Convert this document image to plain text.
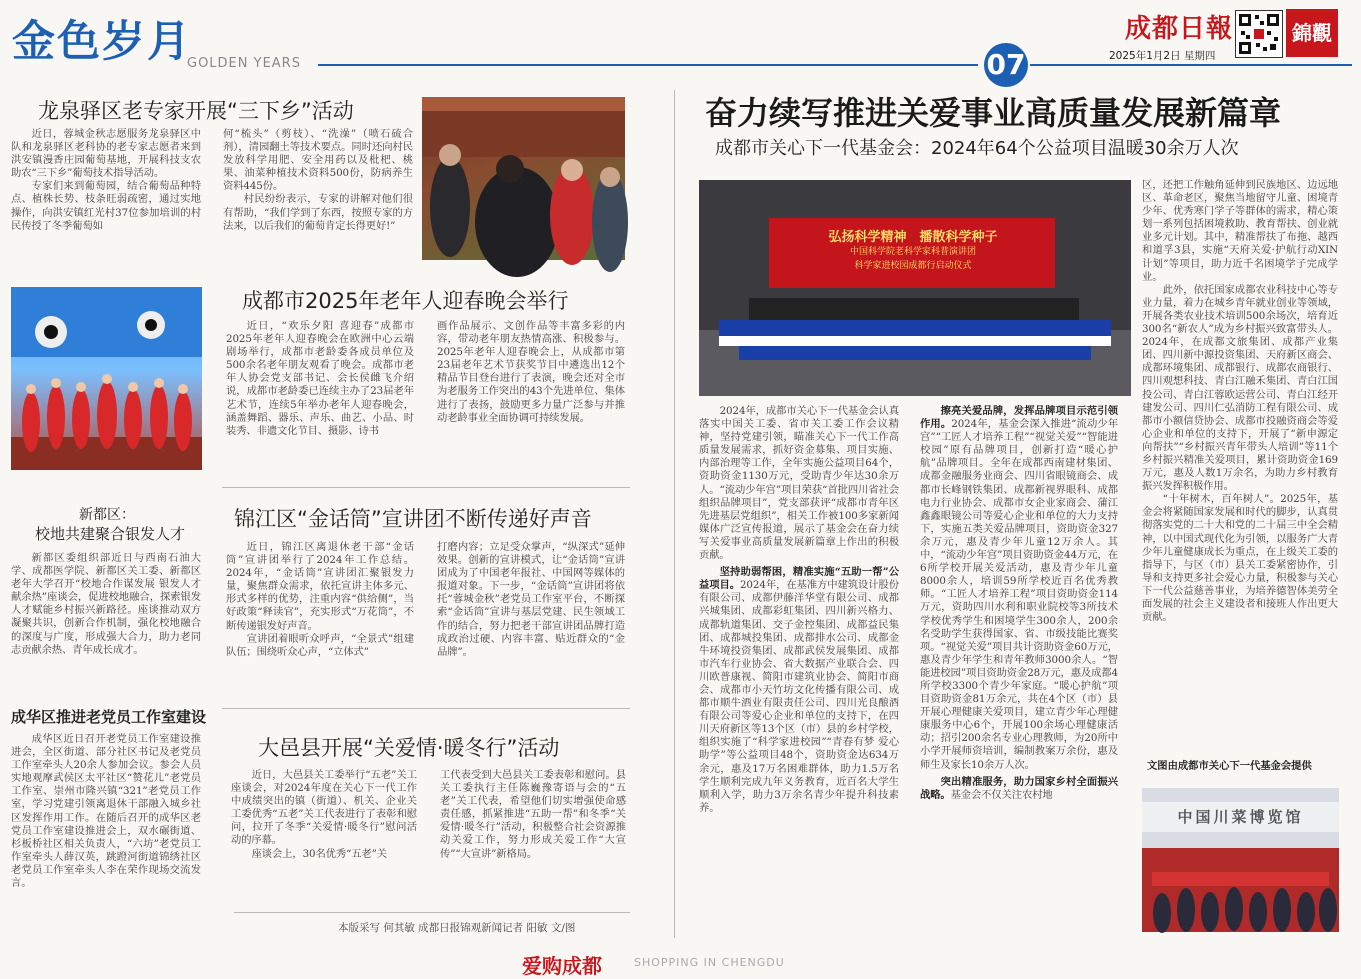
金色岁月
GOLDEN YEARS	07
成都日報
2025年1月2日 星期四
錦觀
龙泉驿区老专家开展“三下乡”活动

近日，蓉城金秋志愿服务龙泉驿区中队和龙泉驿区老科协的老专家志愿者来到洪安镇漫香庄园葡萄基地，开展科技支农助农“三下乡”葡萄技术指导活动。

专家们来到葡萄园，结合葡萄品种特点、植株长势、枝条旺弱疏密，通过实地操作，向洪安镇红光村37位参加培训的村民传授了冬季葡萄如

何“梳头”（剪枝）、“洗澡”（喷石硫合剂），清园翻土等技术要点。同时还向村民发放科学用肥、安全用药以及枇杷、桃果、油菜种植技术资料500份，防病养生资料445份。

村民纷纷表示，专家的讲解对他们很有帮助，“我们学到了东西，按照专家的方法来，以后我们的葡萄肯定长得更好!”

成都市2025年老年人迎春晚会举行

近日，“欢乐夕阳 喜迎春”成都市2025年老年人迎春晚会在欧洲中心云端剧场举行，成都市老龄委各成员单位及500余名老年朋友观看了晚会。成都市老年人协会党支部书记、会长侯雌飞介绍说，成都市老龄委已连续主办了23届老年艺术节，连续5年举办老年人迎春晚会，涵盖舞蹈、器乐、声乐、曲艺、小品、时装秀、非遗文化节目、摄影、诗书

画作品展示、文创作品等丰富多彩的内容，带动老年朋友热情高涨、积极参与。2025年老年人迎春晚会上，从成都市第23届老年艺术节获奖节目中遴选出12个精品节目登台进行了表演，晚会还对全市为老服务工作突出的43个先进单位、集体进行了表扬，鼓励更多力量广泛参与并推动老龄事业全面协调可持续发展。

新都区：
校地共建聚合银发人才

新都区委组织部近日与西南石油大学、成都医学院、新都区关工委、新都区老年大学召开“校地合作谋发展 银发人才献余热”座谈会，促进校地融合，探索银发人才赋能乡村振兴新路径。座谈推动双方凝聚共识，创新合作机制，强化校地融合的深度与广度，形成强大合力，助力老同志贡献余热、青年成长成才。

锦江区“金话筒”宣讲团不断传递好声音

近日，锦江区离退休老干部“金话筒”宣讲团举行了2024年工作总结。2024年，“金话筒”宣讲团汇聚银发力量，聚焦群众需求，依托宣讲主体多元、形式多样的优势，注重内容“供给侧”，当好政策“释读官”，充实形式“万花筒”，不断传递银发好声音。

宣讲团着眼听众呼声，“全景式”组建队伍；围绕听众心声，“立体式”

打磨内容；立足受众掌声，“纵深式”延伸效果。创新的宣讲模式，让“金话筒”宣讲团成为了中国老年报社、中国网等媒体的报道对象。下一步，“金话筒”宣讲团将依托“蓉城金秋”老党员工作室平台，不断探索“金话筒”宣讲与基层党建、民生领域工作的结合，努力把老干部宣讲团品牌打造成政治过硬、内容丰富、贴近群众的“金品牌”。

成华区推进老党员工作室建设

成华区近日召开老党员工作室建设推进会，全区街道、部分社区书记及老党员工作室牵头人20余人参加会议。参会人员实地观摩武侯区太平社区“赞花儿”老党员工作室、崇州市隆兴镇“321”老党员工作室，学习党建引领离退休干部融入城乡社区发挥作用工作。在随后召开的成华区老党员工作室建设推进会上，双水碾街道、杉板桥社区相关负责人，“六坊”老党员工作室牵头人薛汉英，跳蹬河街道锦绣社区老党员工作室牵头人李在荣作现场交流发言。

大邑县开展“关爱情·暖冬行”活动

近日，大邑县关工委举行“五老”关工座谈会，对2024年度在关心下一代工作中成绩突出的镇（街道）、机关、企业关工委优秀“五老”关工代表进行了表彰和慰问，拉开了冬季“关爱情·暖冬行”慰问活动的序幕。

座谈会上，30名优秀“五老”关

工代表受到大邑县关工委表彰和慰问。县关工委执行主任陈巍豫寄语与会的“五老”关工代表，希望他们切实增强使命感责任感，抓紧推进“五助一帮”和冬季“关爱情·暖冬行”活动，积极整合社会资源推动关爱工作，努力形成关爱工作“大宣传”“大宣讲”新格局。

本版采写 何其敏 成都日报锦观新闻记者 阳敏 文/图
奋力续写推进关爱事业高质量发展新篇章
成都市关心下一代基金会：2024年64个公益项目温暖30余万人次
弘扬科学精神　播散科学种子
中国科学院老科学家科普演讲团
科学家进校园成都行启动仪式

2024年，成都市关心下一代基金会认真落实中国关工委、省市关工委工作会议精神，坚持党建引领，瞄准关心下一代工作高质量发展需求，抓好资金募集、项目实施、内部治理等工作，全年实施公益项目64个，资助资金1130万元，受助青少年达30余万人。“流动少年宫”项目荣获“首批四川省社会组织品牌项目”，党支部获评“成都市青年区先进基层党组织”，相关工作被100多家新闻媒体广泛宣传报道，展示了基金会在奋力续写关爱事业高质量发展新篇章上作出的积极贡献。

坚持助弱帮困，精准实施“五助一帮”公益项目。2024年，在基准方中建筑设计股份有限公司、成都伊藤洋华堂有限公司、成都兴城集团、成都彩虹集团、四川新兴格力、成都轨道集团、交子金控集团、成都益民集团、成都城投集团、成都排水公司、成都金牛环境投资集团、成都武侯发展集团、成都市汽车行业协会、省大数据产业联合会、四川欧普康视、简阳市建筑业协会、简阳市商会、成都市小天竹坊文化传播有限公司、成都市顺牛酒业有限责任公司、四川光良酿酒有限公司等爱心企业和单位的支持下，在四川天府新区等13个区（市）县的乡村学校，组织实施了“科学家进校园”“青春有梦 爱心助学”等公益项目48个，资助资金达634万余元，惠及17万名困难群体，助力1.5万名学生顺利完成九年义务教育，近百名大学生顺利入学，助力3万余名青少年提升科技素养。

擦亮关爱品牌，发挥品牌项目示范引领作用。2024年，基金会深入推进“流动少年宫”“工匠人才培养工程”“视觉关爱”“智能进校园”原有品牌项目，创新打造“暖心护航”品牌项目。全年在成都西南建材集团、成都金融服务业商会、四川省眼镜商会、成都市长峰钢铁集团、成都新视界眼科、成都电力行业协会、成都市女企业家商会、蒲江鑫鑫眼镜公司等爱心企业和单位的大力支持下，实施五类关爱品牌项目，资助资金327余万元，惠及青少年儿童12万余人。其中，“流动少年宫”项目资助资金44万元，在6所学校开展关爱活动，惠及青少年儿童8000余人，培训59所学校近百名优秀教师。“工匠人才培养工程”项目资助资金114万元，资助四川水利和职业院校等3所技术学校优秀学生和困境学生300余人，200余名受助学生获得国家、省、市级技能比赛奖项。“视觉关爱”项目共计资助资金60万元，惠及青少年学生和青年教师3000余人。“智能进校园”项目资助资金28万元，惠及成都4所学校3300个青少年家庭。“暖心护航”项目资助资金81万余元，共在4个区（市）县开展心理健康关爱项目，建立青少年心理健康服务中心6个，开展100余场心理健康活动；招引200余名专业心理教师，为20所中小学开展师资培训，编制教案万余份，惠及师生及家长10余万人次。

突出精准服务，助力国家乡村全面振兴战略。基金会不仅关注农村地

区，还把工作触角延伸到民族地区、边远地区、革命老区，聚焦当地留守儿童、困境青少年、优秀寒门学子等群体的需求，精心策划一系列包括困境救助、教育帮扶、创业就业多元计划。其中，精准帮扶了布拖、越西和道孚3县，实施“天府关爱·护航行动XIN计划”等项目，助力近千名困境学子完成学业。

此外，依托国家成都农业科技中心等专业力量，着力在城乡青年就业创业等领域，开展各类农业技术培训500余场次，培育近300名“新农人”成为乡村振兴致富带头人。2024年，在成都文旅集团、成都产业集团、四川新中源投资集团、天府新区商会、成都环境集团、成都银行、成都农商银行、四川观想科技、青白江融禾集团、青白江国投公司、青白江蓉欧运营公司、青白江经开建发公司、四川仁弘消防工程有限公司、成都市小额信贷协会、成都市投融资商会等爱心企业和单位的支持下，开展了“新申源定向帮扶”“乡村振兴青年带头人培训”等11个乡村振兴精准关爱项目，累计资助资金169万元，惠及人数1万余名，为助力乡村教育振兴发挥积极作用。

“十年树木，百年树人”。2025年，基金会将紧随国家发展和时代的脚步，认真贯彻落实党的二十大和党的二十届三中全会精神，以中国式现代化为引领，以服务广大青少年儿童健康成长为重点，在上级关工委的指导下，与区（市）县关工委紧密协作，引导和支持更多社会爱心力量，积极参与关心下一代公益慈善事业，为培养德智体美劳全面发展的社会主义建设者和接班人作出更大贡献。

文图由成都市关心下一代基金会提供
中国川菜博览馆
爱购成都	SHOPPING IN CHENGDU
